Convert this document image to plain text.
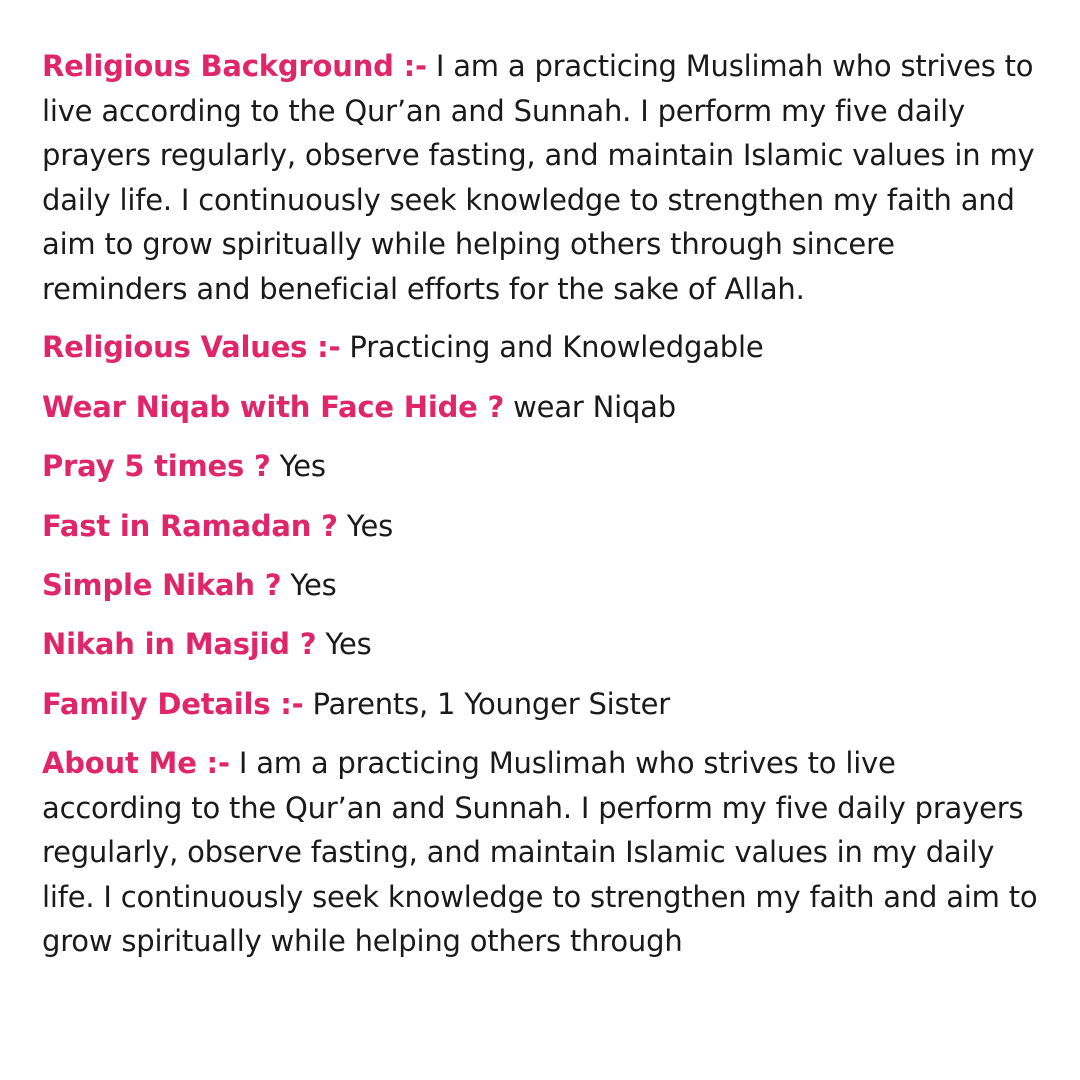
Religious Background :- I am a practicing Muslimah who strives to live according to the Qur’an and Sunnah. I perform my five daily prayers regularly, observe fasting, and maintain Islamic values in my daily life. I continuously seek knowledge to strengthen my faith and aim to grow spiritually while helping others through sincere reminders and beneficial efforts for the sake of Allah.

Religious Values :- Practicing and Knowledgable

Wear Niqab with Face Hide ? wear Niqab

Pray 5 times ? Yes

Fast in Ramadan ? Yes

Simple Nikah ? Yes

Nikah in Masjid ? Yes

Family Details :- Parents, 1 Younger Sister

About Me :- I am a practicing Muslimah who strives to live according to the Qur’an and Sunnah. I perform my five daily prayers regularly, observe fasting, and maintain Islamic values in my daily life. I continuously seek knowledge to strengthen my faith and aim to grow spiritually while helping others through
